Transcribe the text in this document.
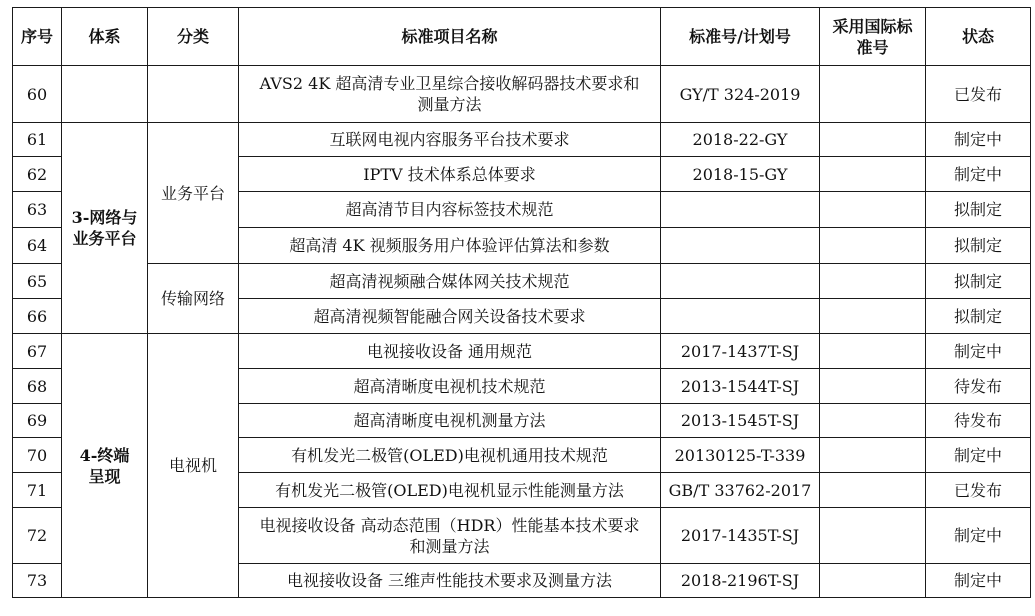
序号	体系	分类	标准项目名称	标准号/计划号	采用国际标
准号	状态
60			AVS2 4K 超高清专业卫星综合接收解码器技术要求和
测量方法	GY/T 324-2019		已发布
61	3-网络与
业务平台	业务平台	互联网电视内容服务平台技术要求	2018-22-GY		制定中
62			IPTV 技术体系总体要求	2018-15-GY		制定中
63			超高清节目内容标签技术规范			拟制定
64			超高清 4K 视频服务用户体验评估算法和参数			拟制定
65		传输网络	超高清视频融合媒体网关技术规范			拟制定
66			超高清视频智能融合网关设备技术要求			拟制定
67	4-终端
呈现	电视机	电视接收设备 通用规范	2017-1437T-SJ		制定中
68			超高清晰度电视机技术规范	2013-1544T-SJ		待发布
69			超高清晰度电视机测量方法	2013-1545T-SJ		待发布
70			有机发光二极管(OLED)电视机通用技术规范	20130125-T-339		制定中
71			有机发光二极管(OLED)电视机显示性能测量方法	GB/T 33762-2017		已发布
72			电视接收设备 高动态范围（HDR）性能基本技术要求
和测量方法	2017-1435T-SJ		制定中
73			电视接收设备 三维声性能技术要求及测量方法	2018-2196T-SJ		制定中
